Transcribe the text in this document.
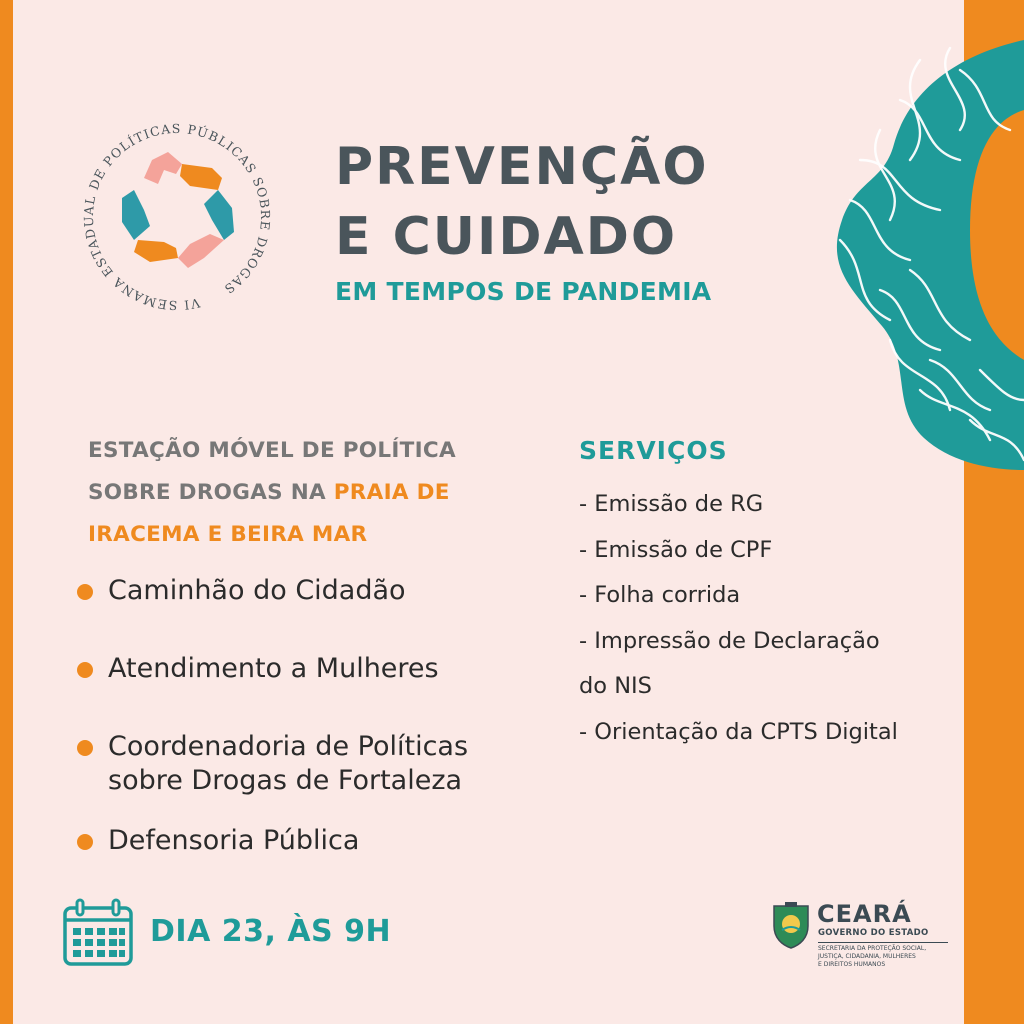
VI SEMANA ESTADUAL DE POLÍTICAS PÚBLICAS SOBRE DROGAS
PREVENÇÃO
E CUIDADO
EM TEMPOS DE PANDEMIA
ESTAÇÃO MÓVEL DE POLÍTICA
SOBRE DROGAS NA PRAIA DE
IRACEMA E BEIRA MAR
Caminhão do Cidadão
Atendimento a Mulheres
Coordenadoria de Políticas
sobre Drogas de Fortaleza
Defensoria Pública
SERVIÇOS
- Emissão de RG
- Emissão de CPF
- Folha corrida
- Impressão de Declaração
do NIS
- Orientação da CPTS Digital
DIA 23, ÀS 9H	CEARÁ
GOVERNO DO ESTADO
SECRETARIA DA PROTEÇÃO SOCIAL,
JUSTIÇA, CIDADANIA, MULHERES
E DIREITOS HUMANOS
